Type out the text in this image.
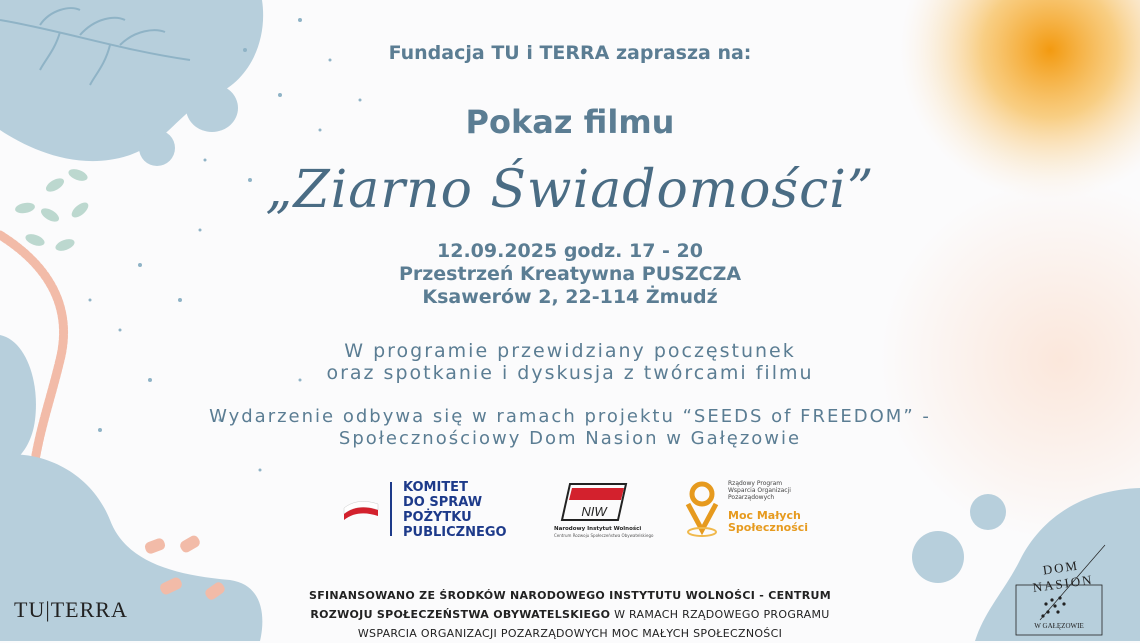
Fundacja TU i TERRA zaprasza na:
Pokaz filmu
„Ziarno Świadomości”
12.09.2025 godz. 17 - 20
Przestrzeń Kreatywna PUSZCZA
Ksawerów 2, 22-114 Żmudź
W programie przewidziany poczęstunek
oraz spotkanie i dyskusja z twórcami filmu
Wydarzenie odbywa się w ramach projektu “SEEDS of FREEDOM” -
Społecznościowy Dom Nasion w Gałęzowie
KOMITET
DO SPRAW
POŻYTKU
PUBLICZNEGO
NIW
Narodowy Instytut Wolności
Centrum Rozwoju Społeczeństwa Obywatelskiego
Rządowy Program
Wsparcia Organizacji
Pozarządowych
Moc Małych
Społeczności
TU|TERRA
DOM NASION
W GAŁĘZOWIE
SFINANSOWANO ZE ŚRODKÓW NARODOWEGO INSTYTUTU WOLNOŚCI - CENTRUM
ROZWOJU SPOŁECZEŃSTWA OBYWATELSKIEGO W RAMACH RZĄDOWEGO PROGRAMU
WSPARCIA ORGANIZACJI POZARZĄDOWYCH MOC MAŁYCH SPOŁECZNOŚCI
